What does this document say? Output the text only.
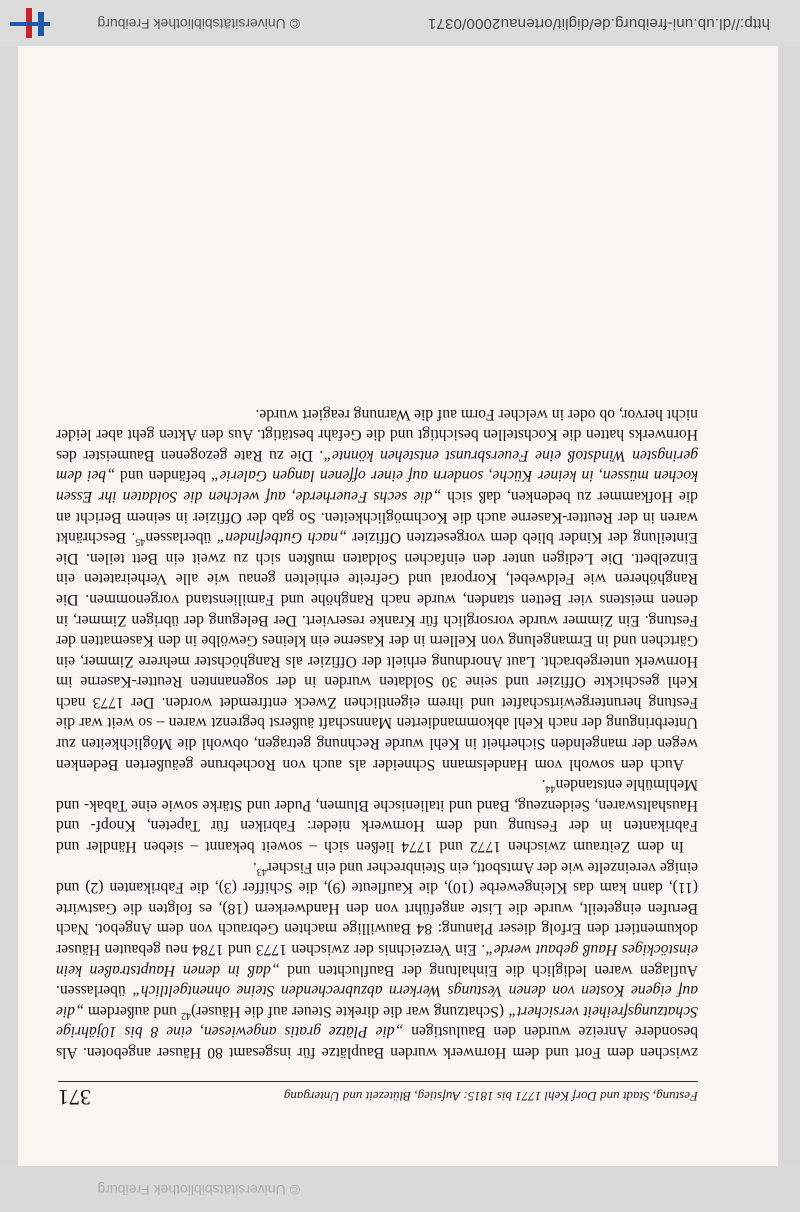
© Universitätsbibliothek Freiburg
Festung, Stadt und Dorf Kehl 1771 bis 1815: Aufstieg, Blütezeit und Untergang
371

zwischen dem Fort und dem Hornwerk wurden Bauplätze für insgesamt 80 Häuser angeboten. Als besondere Anreize wurden den Baulustigen „die Plätze gratis angewiesen, eine 8 bis 10jährige Schatzungsfreiheit versichert“ (Schatzung war die direkte Steuer auf die Häuser)$^{42}$ und außerdem „die auf eigene Kosten von denen Vestungs Werkern abzubrechenden Steine ohnentgeltlich“ überlassen. Auflagen waren lediglich die Einhaltung der Baufluchten und „daß in denen Hauptstraßen kein einstöckiges Hauß gebaut werde“. Ein Verzeichnis der zwischen 1773 und 1784 neu gebauten Häuser dokumentiert den Erfolg dieser Planung: 84 Bauwillige machten Gebrauch von dem Angebot. Nach Berufen eingeteilt, wurde die Liste angeführt von den Handwerkern (18), es folgten die Gastwirte (11), dann kam das Kleingewerbe (10), die Kaufleute (9), die Schiffer (3), die Fabrikanten (2) und einige vereinzelte wie der Amtsbott, ein Steinbrecher und ein Fischer$^{43}$.

In dem Zeitraum zwischen 1772 und 1774 ließen sich – soweit bekannt – sieben Händler und Fabrikanten in der Festung und dem Hornwerk nieder: Fabriken für Tapeten, Knopf- und Haushaltswaren, Seidenzeug, Band und italienische Blumen, Puder und Stärke sowie eine Tabak- und Mehlmühle entstanden$^{44}$.

Auch den sowohl vom Handelsmann Schneider als auch von Rochebrune geäußerten Bedenken wegen der mangelnden Sicherheit in Kehl wurde Rechnung getragen, obwohl die Möglichkeiten zur Unterbringung der nach Kehl abkommandierten Mannschaft äußerst begrenzt waren – so weit war die Festung heruntergewirtschaftet und ihrem eigentlichen Zweck entfremdet worden. Der 1773 nach Kehl geschickte Offizier und seine 30 Soldaten wurden in der sogenannten Reutter-Kaserne im Hornwerk untergebracht. Laut Anordnung erhielt der Offizier als Ranghöchster mehrere Zimmer, ein Gärtchen und in Ermangelung von Kellern in der Kaserne ein kleines Gewölbe in den Kasematten der Festung. Ein Zimmer wurde vorsorglich für Kranke reserviert. Der Belegung der übrigen Zimmer, in denen meistens vier Betten standen, wurde nach Ranghöhe und Familienstand vorgenommen. Die Ranghöheren wie Feldwebel, Korporal und Gefreite erhielten genau wie alle Verheirateten ein Einzelbett. Die Ledigen unter den einfachen Soldaten mußten sich zu zweit ein Bett teilen. Die Einteilung der Kinder blieb dem vorgesetzten Offizier „nach Gutbefinden“ überlassen$^{45}$. Beschränkt waren in der Reutter-Kaserne auch die Kochmöglichkeiten. So gab der Offizier in seinem Bericht an die Hofkammer zu bedenken, daß sich „die sechs Feuerherde, auf welchen die Soldaten ihr Essen kochen müssen, in keiner Küche, sondern auf einer offenen langen Galerie“ befänden und „bei dem geringsten Windstoß eine Feuersbrunst entstehen könnte“. Die zu Rate gezogenen Baumeister des Hornwerks hatten die Kochstellen besichtigt und die Gefahr bestätigt. Aus den Akten geht aber leider nicht hervor, ob oder in welcher Form auf die Warnung reagiert wurde.

http://dl.ub.uni-freiburg.de/diglit/ortenau2000/0371
© Universitätsbibliothek Freiburg
